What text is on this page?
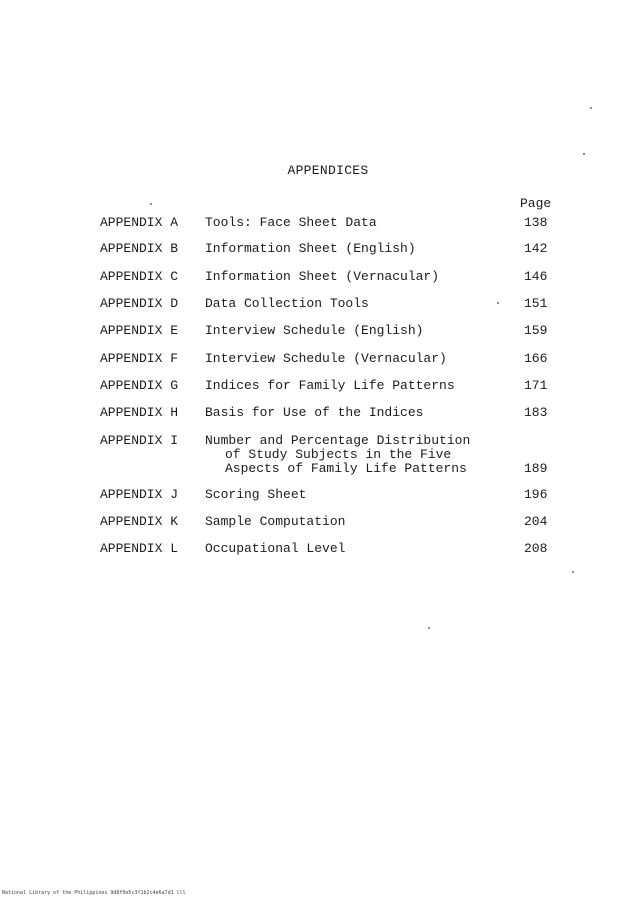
APPENDICES
Page
APPENDIX A Tools: Face Sheet Data	138
APPENDIX B Information Sheet (English)	142
APPENDIX C Information Sheet (Vernacular)	146
APPENDIX D Data Collection Tools	151
APPENDIX E Interview Schedule (English)	159
APPENDIX F Interview Schedule (Vernacular)	166
APPENDIX G Indices for Family Life Patterns	171
APPENDIX H Basis for Use of the Indices	183
APPENDIX I Number and Percentage Distribution
of Study Subjects in the Five
Aspects of Family Life Patterns	189
APPENDIX J Scoring Sheet	196
APPENDIX K Sample Computation	204
APPENDIX L Occupational Level	208
National Library of the Philippines 9d8f0e5c3f1b2c4e6a7d1 lll
